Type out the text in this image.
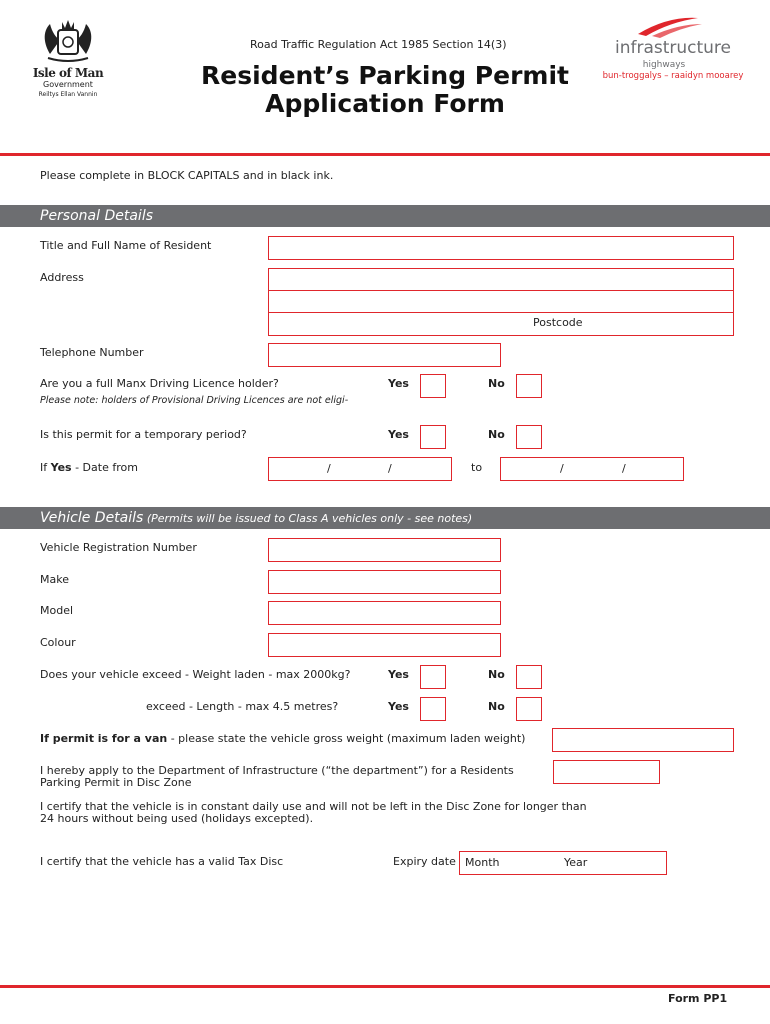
Isle of Man
Government
Reiltys Ellan Vannin
Road Traffic Regulation Act 1985 Section 14(3)
Resident’s Parking Permit
Application Form
infrastructure
highways
bun-troggalys – raaidyn mooarey
Please complete in BLOCK CAPITALS and in black ink.
Personal Details
Title and Full Name of Resident
Address
Postcode
Telephone Number
Are you a full Manx Driving Licence holder?	Yes	No
Please note: holders of Provisional Driving Licences are not eligi-
Is this permit for a temporary period?	Yes	No
If Yes - Date from	/	/	to	/	/
Vehicle Details (Permits will be issued to Class A vehicles only - see notes)
Vehicle Registration Number
Make
Model
Colour
Does your vehicle exceed - Weight laden - max 2000kg?	Yes	No
exceed - Length - max 4.5 metres?	Yes	No
If permit is for a van - please state the vehicle gross weight (maximum laden weight)
I hereby apply to the Department of Infrastructure (“the department”) for a Residents
Parking Permit in Disc Zone
I certify that the vehicle is in constant daily use and will not be left in the Disc Zone for longer than
24 hours without being used (holidays excepted).
I certify that the vehicle has a valid Tax Disc	Expiry date Month	Year
Form PP1
